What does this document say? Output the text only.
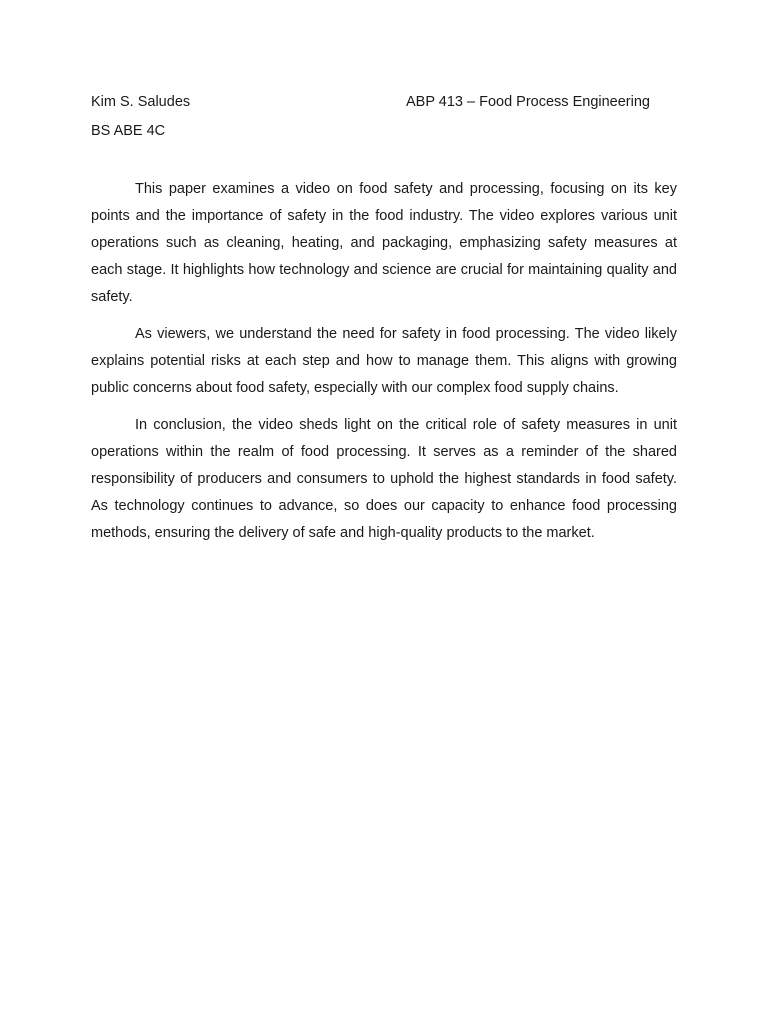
Kim S. Saludes	ABP 413 – Food Process Engineering
BS ABE 4C

This paper examines a video on food safety and processing, focusing on its key points and the importance of safety in the food industry. The video explores various unit operations such as cleaning, heating, and packaging, emphasizing safety measures at each stage. It highlights how technology and science are crucial for maintaining quality and safety.

As viewers, we understand the need for safety in food processing. The video likely explains potential risks at each step and how to manage them. This aligns with growing public concerns about food safety, especially with our complex food supply chains.

In conclusion, the video sheds light on the critical role of safety measures in unit operations within the realm of food processing. It serves as a reminder of the shared responsibility of producers and consumers to uphold the highest standards in food safety. As technology continues to advance, so does our capacity to enhance food processing methods, ensuring the delivery of safe and high-quality products to the market.
